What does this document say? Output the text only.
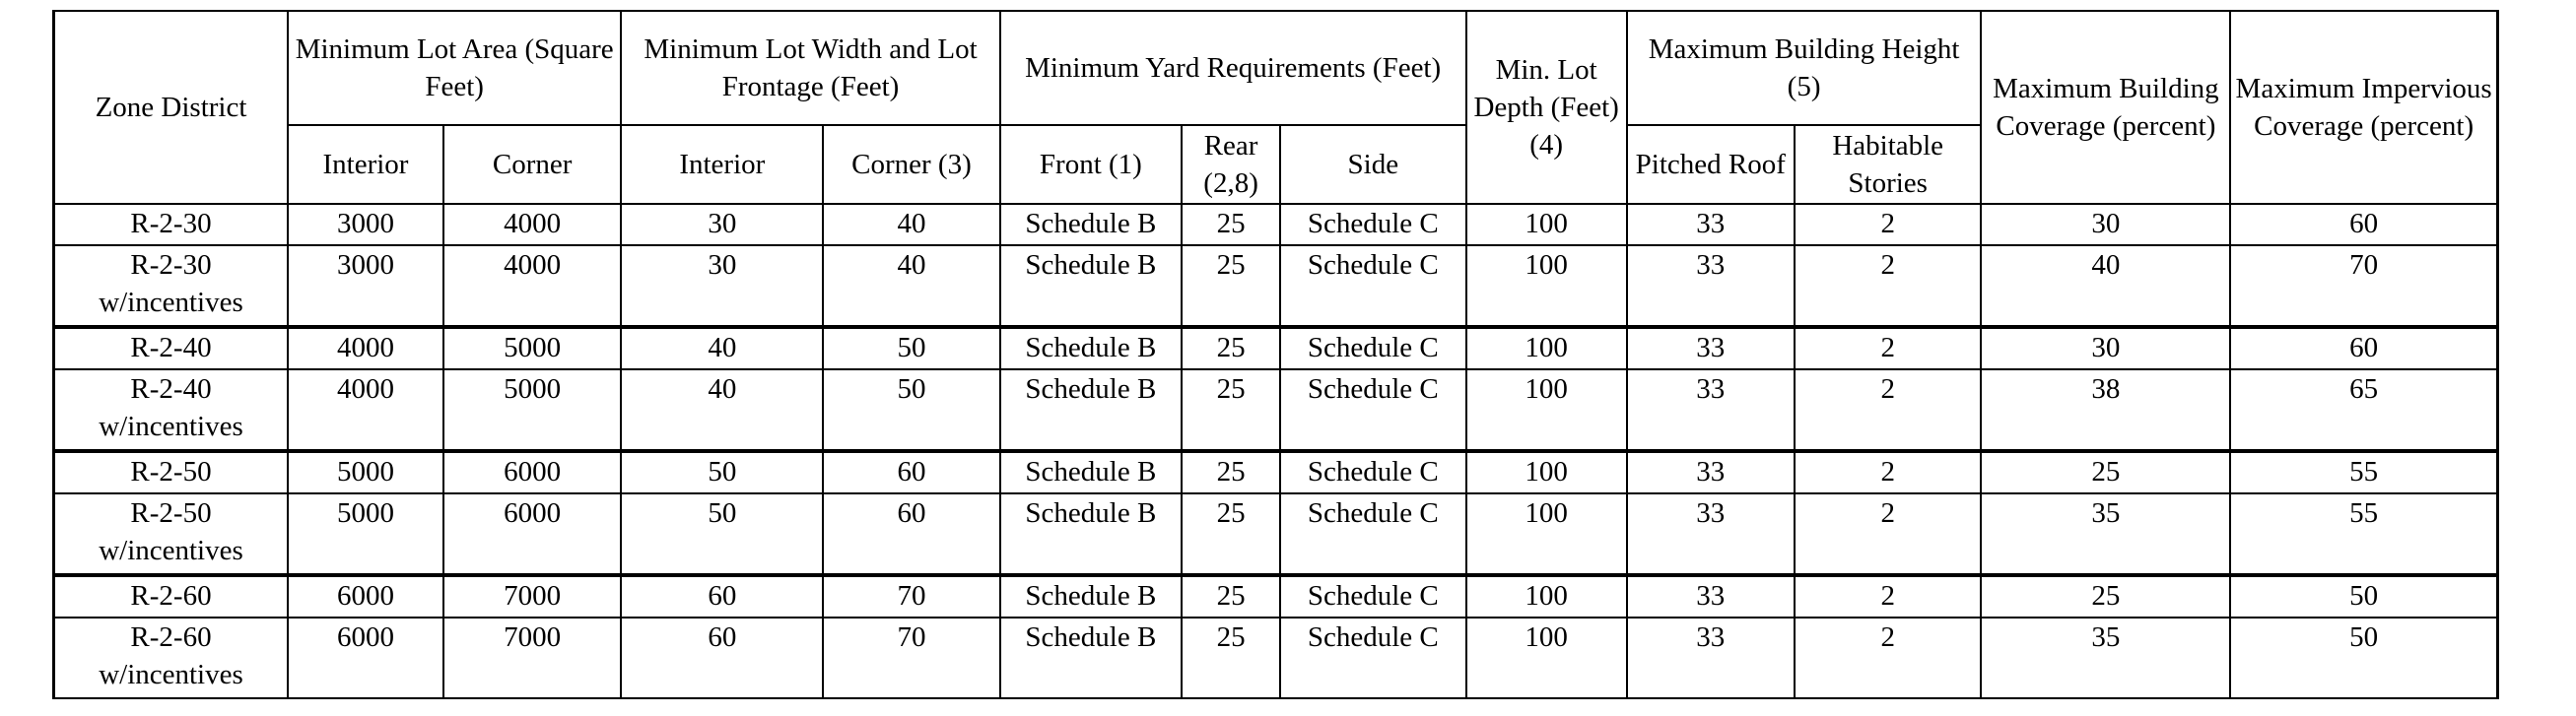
Zone District	Minimum Lot Area (Square Feet)		Minimum Lot Width and Lot Frontage (Feet)		Minimum Yard Requirements (Feet)			Min. Lot Depth (Feet) (4)	Maximum Building Height (5)		Maximum Building Coverage (percent)	Maximum Impervious Coverage (percent)
	Interior	Corner	Interior	Corner (3)	Front (1)	Rear (2,8)	Side		Pitched Roof	Habitable Stories		
R-2-30	3000	4000	30	40	Schedule B	25	Schedule C	100	33	2	30	60
R-2-30 w/incentives	3000	4000	30	40	Schedule B	25	Schedule C	100	33	2	40	70
R-2-40	4000	5000	40	50	Schedule B	25	Schedule C	100	33	2	30	60
R-2-40 w/incentives	4000	5000	40	50	Schedule B	25	Schedule C	100	33	2	38	65
R-2-50	5000	6000	50	60	Schedule B	25	Schedule C	100	33	2	25	55
R-2-50 w/incentives	5000	6000	50	60	Schedule B	25	Schedule C	100	33	2	35	55
R-2-60	6000	7000	60	70	Schedule B	25	Schedule C	100	33	2	25	50
R-2-60 w/incentives	6000	7000	60	70	Schedule B	25	Schedule C	100	33	2	35	50
